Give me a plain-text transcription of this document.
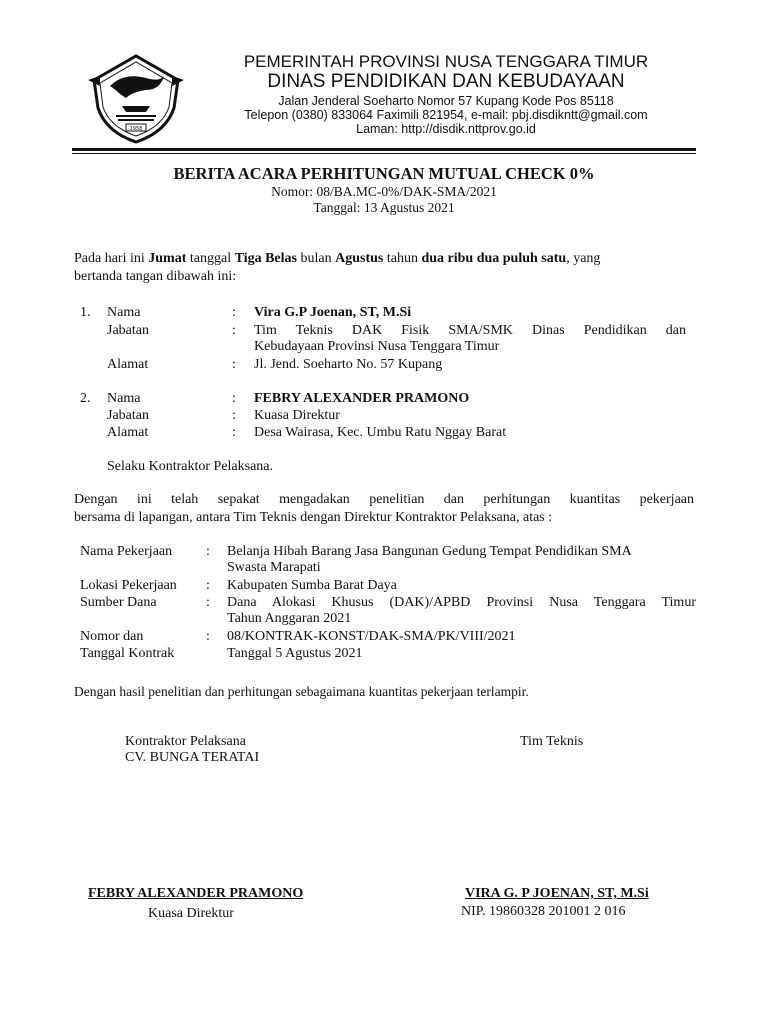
1958
PEMERINTAH PROVINSI NUSA TENGGARA TIMUR
DINAS PENDIDIKAN DAN KEBUDAYAAN
Jalan Jenderal Soeharto Nomor 57 Kupang Kode Pos 85118
Telepon (0380) 833064 Faximili 821954, e-mail: pbj.disdikntt@gmail.com
Laman: http://disdik.nttprov.go.id
BERITA ACARA PERHITUNGAN MUTUAL CHECK 0%
Nomor: 08/BA.MC-0%/DAK-SMA/2021
Tanggal: 13 Agustus 2021
Pada hari ini Jumat tanggal Tiga Belas bulan Agustus tahun dua ribu dua puluh satu, yang
bertanda tangan dibawah ini:
1. Nama	: Vira G.P Joenan, ST, M.Si
Jabatan	: Tim Teknis DAK Fisik SMA/SMK Dinas Pendidikan dan
Kebudayaan Provinsi Nusa Tenggara Timur
Alamat	: Jl. Jend. Soeharto No. 57 Kupang
2. Nama	: FEBRY ALEXANDER PRAMONO
Jabatan	: Kuasa Direktur
Alamat	: Desa Wairasa, Kec. Umbu Ratu Nggay Barat
Selaku Kontraktor Pelaksana.
Dengan ini telah sepakat mengadakan penelitian dan perhitungan kuantitas pekerjaan
bersama di lapangan, antara Tim Teknis dengan Direktur Kontraktor Pelaksana, atas :
Nama Pekerjaan : Belanja Hibah Barang Jasa Bangunan Gedung Tempat Pendidikan SMA
Swasta Marapati
Lokasi Pekerjaan : Kabupaten Sumba Barat Daya
Sumber Dana	: Dana Alokasi Khusus (DAK)/APBD Provinsi Nusa Tenggara Timur
Tahun Anggaran 2021
Nomor dan	: 08/KONTRAK-KONST/DAK-SMA/PK/VIII/2021
Tanggal Kontrak	Tanggal 5 Agustus 2021
Dengan hasil penelitian dan perhitungan sebagaimana kuantitas pekerjaan terlampir.
Kontraktor Pelaksana
CV. BUNGA TERATAI
Tim Teknis
FEBRY ALEXANDER PRAMONO
Kuasa Direktur
VIRA G. P JOENAN, ST, M.Si
NIP. 19860328 201001 2 016
